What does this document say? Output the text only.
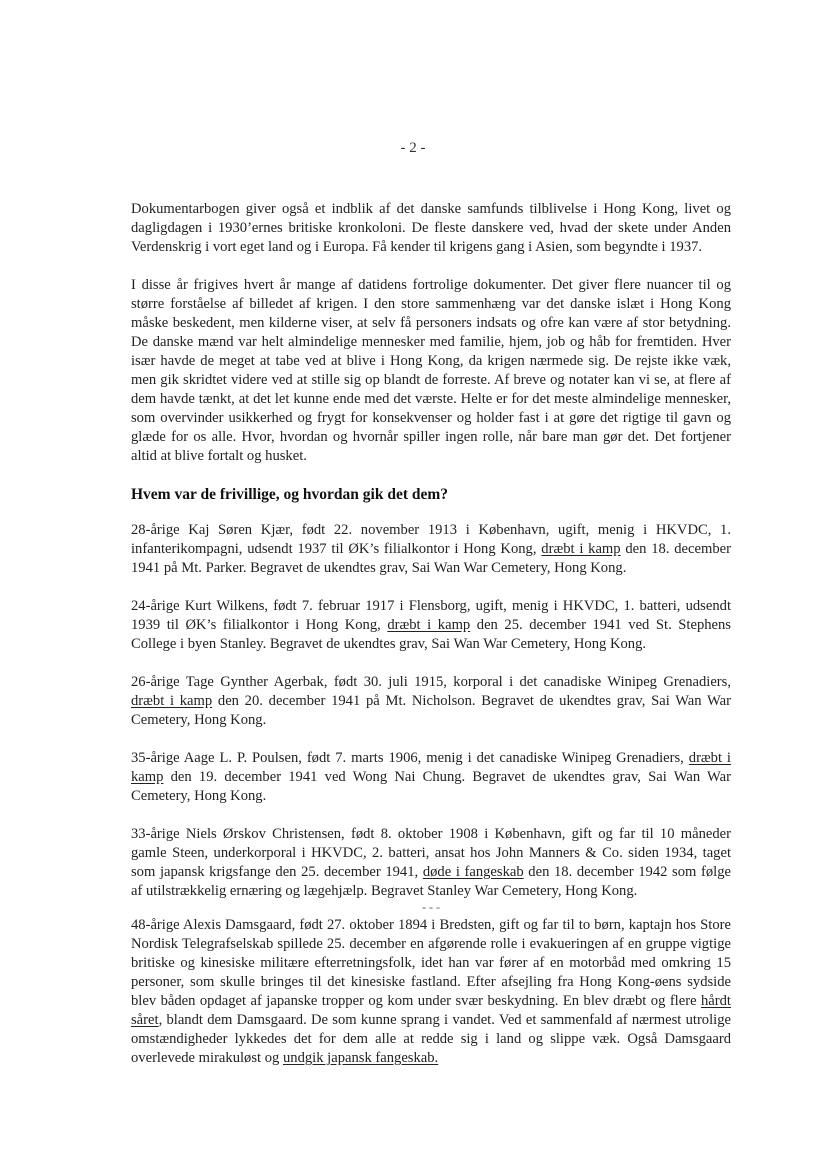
- 2 -

Dokumentarbogen giver også et indblik af det danske samfunds tilblivelse i Hong Kong, livet og dagligdagen i 1930’ernes britiske kronkoloni. De fleste danskere ved, hvad der skete under Anden Verdenskrig i vort eget land og i Europa. Få kender til krigens gang i Asien, som begyndte i 1937.

I disse år frigives hvert år mange af datidens fortrolige dokumenter. Det giver flere nuancer til og større forståelse af billedet af krigen. I den store sammenhæng var det danske islæt i Hong Kong måske beskedent, men kilderne viser, at selv få personers indsats og ofre kan være af stor betydning. De danske mænd var helt almindelige mennesker med familie, hjem, job og håb for fremtiden. Hver især havde de meget at tabe ved at blive i Hong Kong, da krigen nærmede sig. De rejste ikke væk, men gik skridtet videre ved at stille sig op blandt de forreste. Af breve og notater kan vi se, at flere af dem havde tænkt, at det let kunne ende med det værste. Helte er for det meste almindelige mennesker, som overvinder usikkerhed og frygt for konsekvenser og holder fast i at gøre det rigtige til gavn og glæde for os alle. Hvor, hvordan og hvornår spiller ingen rolle, når bare man gør det. Det fortjener altid at blive fortalt og husket.

Hvem var de frivillige, og hvordan gik det dem?

28-årige Kaj Søren Kjær, født 22. november 1913 i København, ugift, menig i HKVDC, 1. infanterikompagni, udsendt 1937 til ØK’s filialkontor i Hong Kong, dræbt i kamp den 18. december 1941 på Mt. Parker. Begravet de ukendtes grav, Sai Wan War Cemetery, Hong Kong.

24-årige Kurt Wilkens, født 7. februar 1917 i Flensborg, ugift, menig i HKVDC, 1. batteri, udsendt 1939 til ØK’s filialkontor i Hong Kong, dræbt i kamp den 25. december 1941 ved St. Stephens College i byen Stanley. Begravet de ukendtes grav, Sai Wan War Cemetery, Hong Kong.

26-årige Tage Gynther Agerbak, født 30. juli 1915, korporal i det canadiske Winipeg Grenadiers, dræbt i kamp den 20. december 1941 på Mt. Nicholson. Begravet de ukendtes grav, Sai Wan War Cemetery, Hong Kong.

35-årige Aage L. P. Poulsen, født 7. marts 1906, menig i det canadiske Winipeg Grenadiers, dræbt i kamp den 19. december 1941 ved Wong Nai Chung. Begravet de ukendtes grav, Sai Wan War Cemetery, Hong Kong.

33-årige Niels Ørskov Christensen, født 8. oktober 1908 i København, gift og far til 10 måneder gamle Steen, underkorporal i HKVDC, 2. batteri, ansat hos John Manners & Co. siden 1934, taget som japansk krigsfange den 25. december 1941, døde i fangeskab den 18. december 1942 som følge af utilstrækkelig ernæring og lægehjælp. Begravet Stanley War Cemetery, Hong Kong.

- - -

48-årige Alexis Damsgaard, født 27. oktober 1894 i Bredsten, gift og far til to børn, kaptajn hos Store Nordisk Telegrafselskab spillede 25. december en afgørende rolle i evakueringen af en gruppe vigtige britiske og kinesiske militære efterretningsfolk, idet han var fører af en motorbåd med omkring 15 personer, som skulle bringes til det kinesiske fastland. Efter afsejling fra Hong Kong-øens sydside blev båden opdaget af japanske tropper og kom under svær beskydning. En blev dræbt og flere hårdt såret, blandt dem Damsgaard. De som kunne sprang i vandet. Ved et sammenfald af nærmest utrolige omstændigheder lykkedes det for dem alle at redde sig i land og slippe væk. Også Damsgaard overlevede mirakuløst og undgik japansk fangeskab.
